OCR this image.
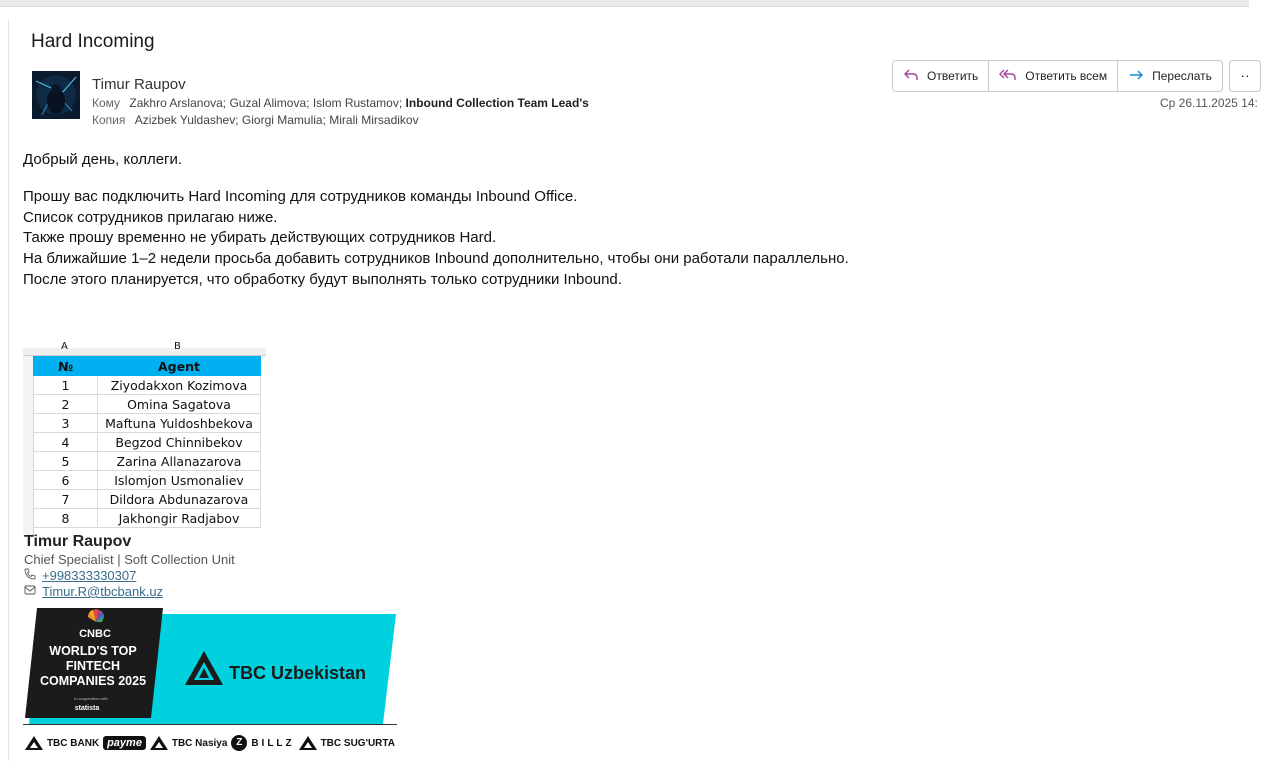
Hard Incoming
Timur Raupov
Кому Zakhro Arslanova; Guzal Alimova; Islom Rustamov; Inbound Collection Team Lead's
Копия Azizbek Yuldashev; Giorgi Mamulia; Mirali Mirsadikov
Ответить	Ответить всем	Переслать	··
Ср 26.11.2025 14:

Добрый день, коллеги.

Прошу вас подключить Hard Incoming для сотрудников команды Inbound Office.

Список сотрудников прилагаю ниже.

Также прошу временно не убирать действующих сотрудников Hard.

На ближайшие 1–2 недели просьба добавить сотрудников Inbound дополнительно, чтобы они работали параллельно.

После этого планируется, что обработку будут выполнять только сотрудники Inbound.

A	B
№	Agent
1	Ziyodakxon Kozimova
2	Omina Sagatova
3	Maftuna Yuldoshbekova
4	Begzod Chinnibekov
5	Zarina Allanazarova
6	Islomjon Usmonaliev
7	Dildora Abdunazarova
8	Jakhongir Radjabov
Timur Raupov
Chief Specialist | Soft Collection Unit
+998333330307
Timur.R@tbcbank.uz
CNBC
WORLD'S TOP
FINTECH
COMPANIES 2025
In cooperation with
statista
TBC Uzbekistan
TBC BANK payme	TBC Nasiya Z BILLZ	TBC SUG'URTA
